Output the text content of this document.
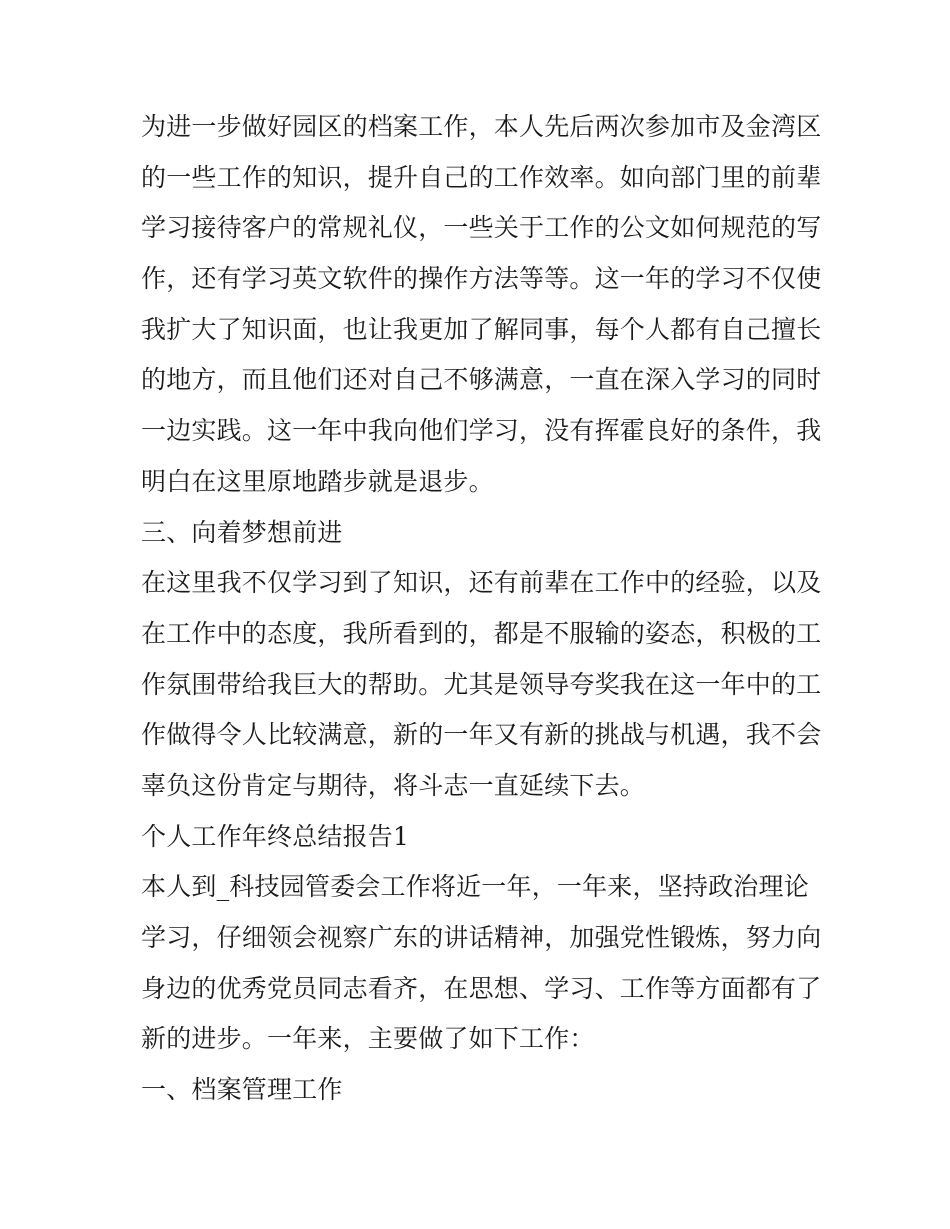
为进一步做好园区的档案工作，本人先后两次参加市及金湾区
的一些工作的知识，提升自己的工作效率。如向部门里的前辈
学习接待客户的常规礼仪，一些关于工作的公文如何规范的写
作，还有学习英文软件的操作方法等等。这一年的学习不仅使
我扩大了知识面，也让我更加了解同事，每个人都有自己擅长
的地方，而且他们还对自己不够满意，一直在深入学习的同时
一边实践。这一年中我向他们学习，没有挥霍良好的条件，我
明白在这里原地踏步就是退步。
三、向着梦想前进
在这里我不仅学习到了知识，还有前辈在工作中的经验，以及
在工作中的态度，我所看到的，都是不服输的姿态，积极的工
作氛围带给我巨大的帮助。尤其是领导夸奖我在这一年中的工
作做得令人比较满意，新的一年又有新的挑战与机遇，我不会
辜负这份肯定与期待，将斗志一直延续下去。
个人工作年终总结报告1
本人到_科技园管委会工作将近一年，一年来，坚持政治理论
学习，仔细领会视察广东的讲话精神，加强党性锻炼，努力向
身边的优秀党员同志看齐，在思想、学习、工作等方面都有了
新的进步。一年来，主要做了如下工作：
一、档案管理工作
